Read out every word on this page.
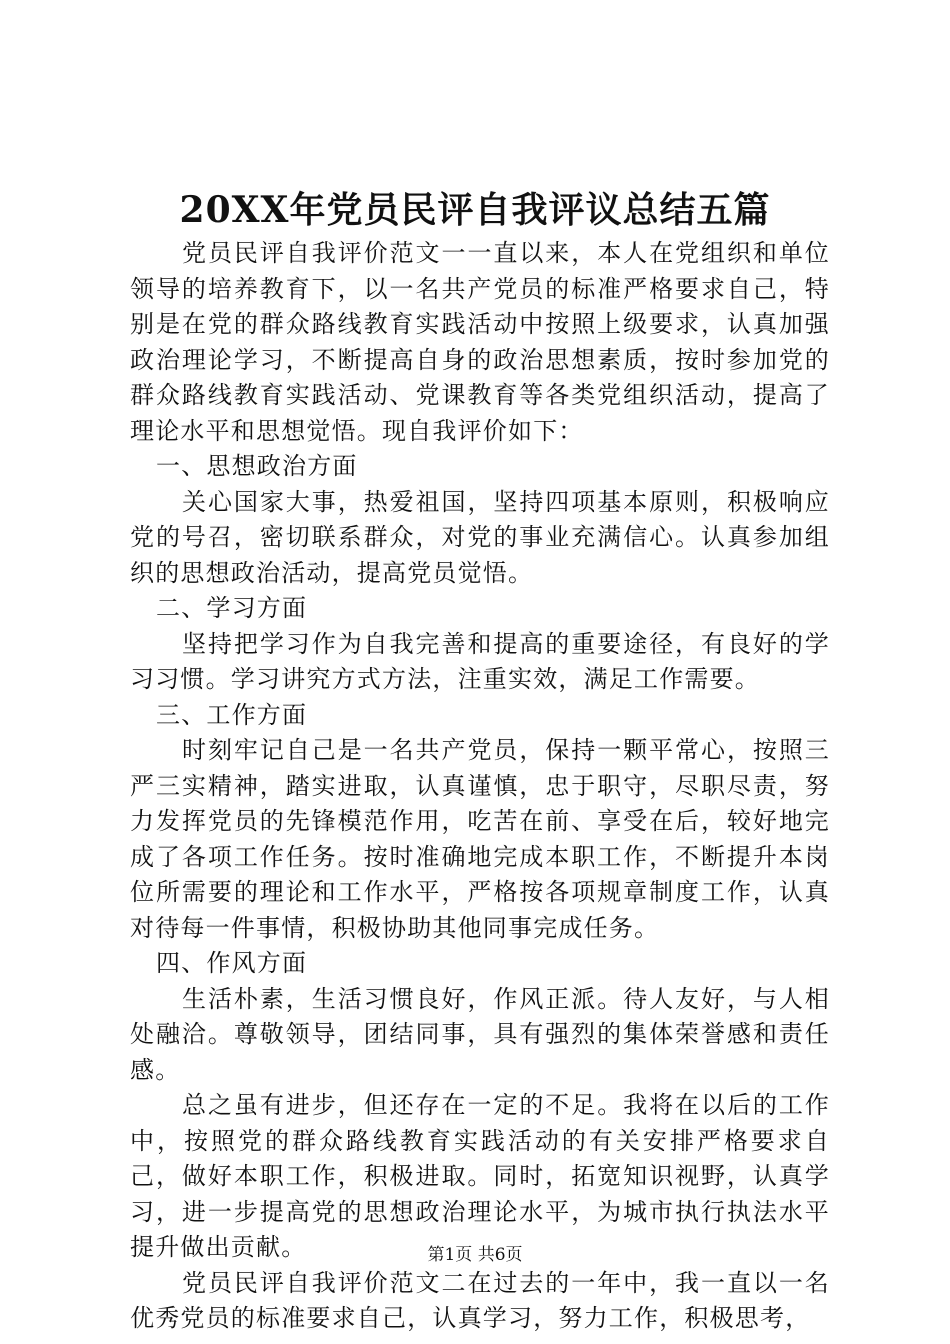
20XX年党员民评自我评议总结五篇

党员民评自我评价范文一一直以来，本人在党组织和单位领导的培养教育下，以一名共产党员的标准严格要求自己，特别是在党的群众路线教育实践活动中按照上级要求，认真加强政治理论学习，不断提高自身的政治思想素质，按时参加党的群众路线教育实践活动、党课教育等各类党组织活动，提高了理论水平和思想觉悟。现自我评价如下：

一、思想政治方面

关心国家大事，热爱祖国，坚持四项基本原则，积极响应党的号召，密切联系群众，对党的事业充满信心。认真参加组织的思想政治活动，提高党员觉悟。

二、学习方面

坚持把学习作为自我完善和提高的重要途径，有良好的学习习惯。学习讲究方式方法，注重实效，满足工作需要。

三、工作方面

时刻牢记自己是一名共产党员，保持一颗平常心，按照三严三实精神，踏实进取，认真谨慎，忠于职守，尽职尽责，努力发挥党员的先锋模范作用，吃苦在前、享受在后，较好地完成了各项工作任务。按时准确地完成本职工作，不断提升本岗位所需要的理论和工作水平，严格按各项规章制度工作，认真对待每一件事情，积极协助其他同事完成任务。

四、作风方面

生活朴素，生活习惯良好，作风正派。待人友好，与人相处融洽。尊敬领导，团结同事，具有强烈的集体荣誉感和责任感。

总之虽有进步，但还存在一定的不足。我将在以后的工作中，按照党的群众路线教育实践活动的有关安排严格要求自己，做好本职工作，积极进取。同时，拓宽知识视野，认真学习，进一步提高党的思想政治理论水平，为城市执行执法水平提升做出贡献。

党员民评自我评价范文二在过去的一年中，我一直以一名优秀党员的标准要求自己，认真学习，努力工作，积极思考，

第1页 共6页
